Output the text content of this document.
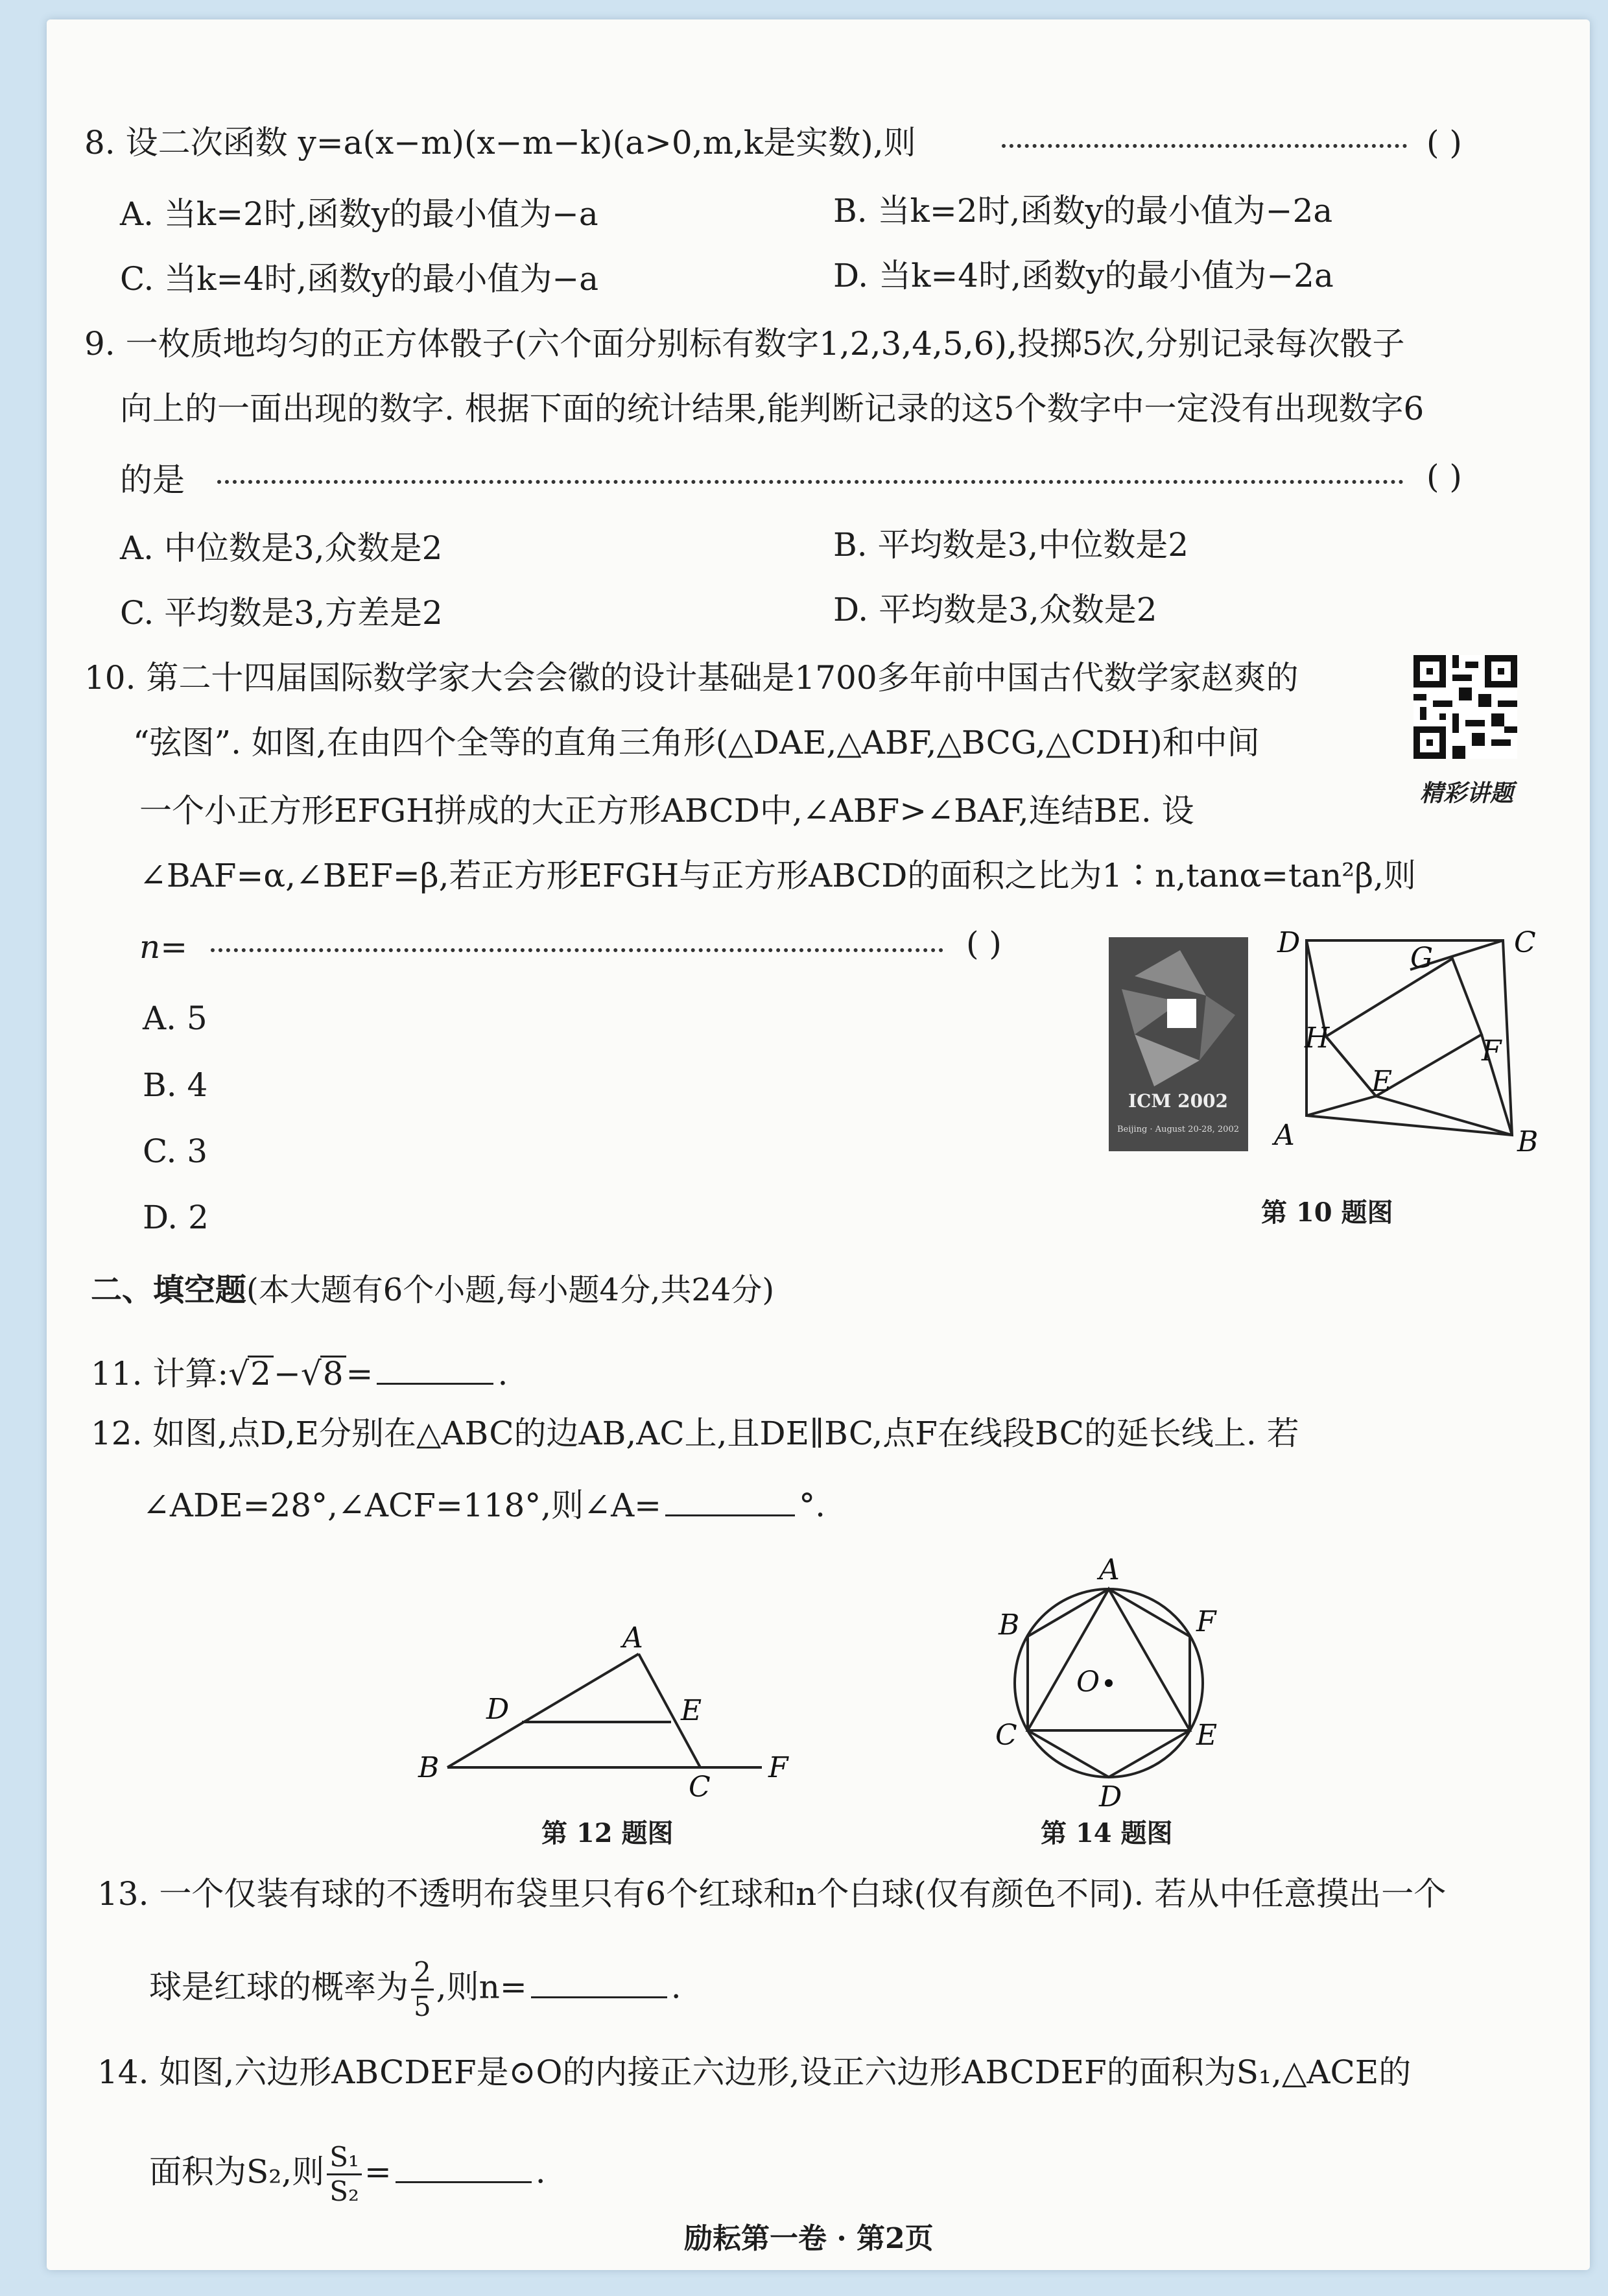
8. 设二次函数 y=a(x−m)(x−m−k)(a>0,m,k是实数),则	( )
A. 当k=2时,函数y的最小值为−a	B. 当k=2时,函数y的最小值为−2a
C. 当k=4时,函数y的最小值为−a	D. 当k=4时,函数y的最小值为−2a
9. 一枚质地均匀的正方体骰子(六个面分别标有数字1,2,3,4,5,6),投掷5次,分别记录每次骰子
向上的一面出现的数字. 根据下面的统计结果,能判断记录的这5个数字中一定没有出现数字6
的是	( )
A. 中位数是3,众数是2	B. 平均数是3,中位数是2
C. 平均数是3,方差是2	D. 平均数是3,众数是2
10. 第二十四届国际数学家大会会徽的设计基础是1700多年前中国古代数学家赵爽的
“弦图”. 如图,在由四个全等的直角三角形(△DAE,△ABF,△BCG,△CDH)和中间
一个小正方形EFGH拼成的大正方形ABCD中,∠ABF>∠BAF,连结BE. 设
∠BAF=α,∠BEF=β,若正方形EFGH与正方形ABCD的面积之比为1∶n,tanα=tan²β,则
n=	( )
A. 5
B. 4
C. 3
D. 2
精彩讲题
ICM 2002
Beijing · August 20-28, 2002
D	C
A	B
G
H	F
E
第 10 题图
二、填空题(本大题有6个小题,每小题4分,共24分)
11. 计算:√2−√8=	.
12. 如图,点D,E分别在△ABC的边AB,AC上,且DE∥BC,点F在线段BC的延长线上. 若
∠ADE=28°,∠ACF=118°,则∠A=	°.
A
B
C
D	E
F
第 12 题图
A
B
C
D
E
F
O
第 14 题图
13. 一个仅装有球的不透明布袋里只有6个红球和n个白球(仅有颜色不同). 若从中任意摸出一个
球是红球的概率为 $\frac{2}{5}$ ,则n=	.
14. 如图,六边形ABCDEF是⊙O的内接正六边形,设正六边形ABCDEF的面积为S₁,△ACE的
面积为S₂,则 $\frac{\text{S₁}}{\text{S₂}}$ =	.
励耘第一卷 · 第2页
